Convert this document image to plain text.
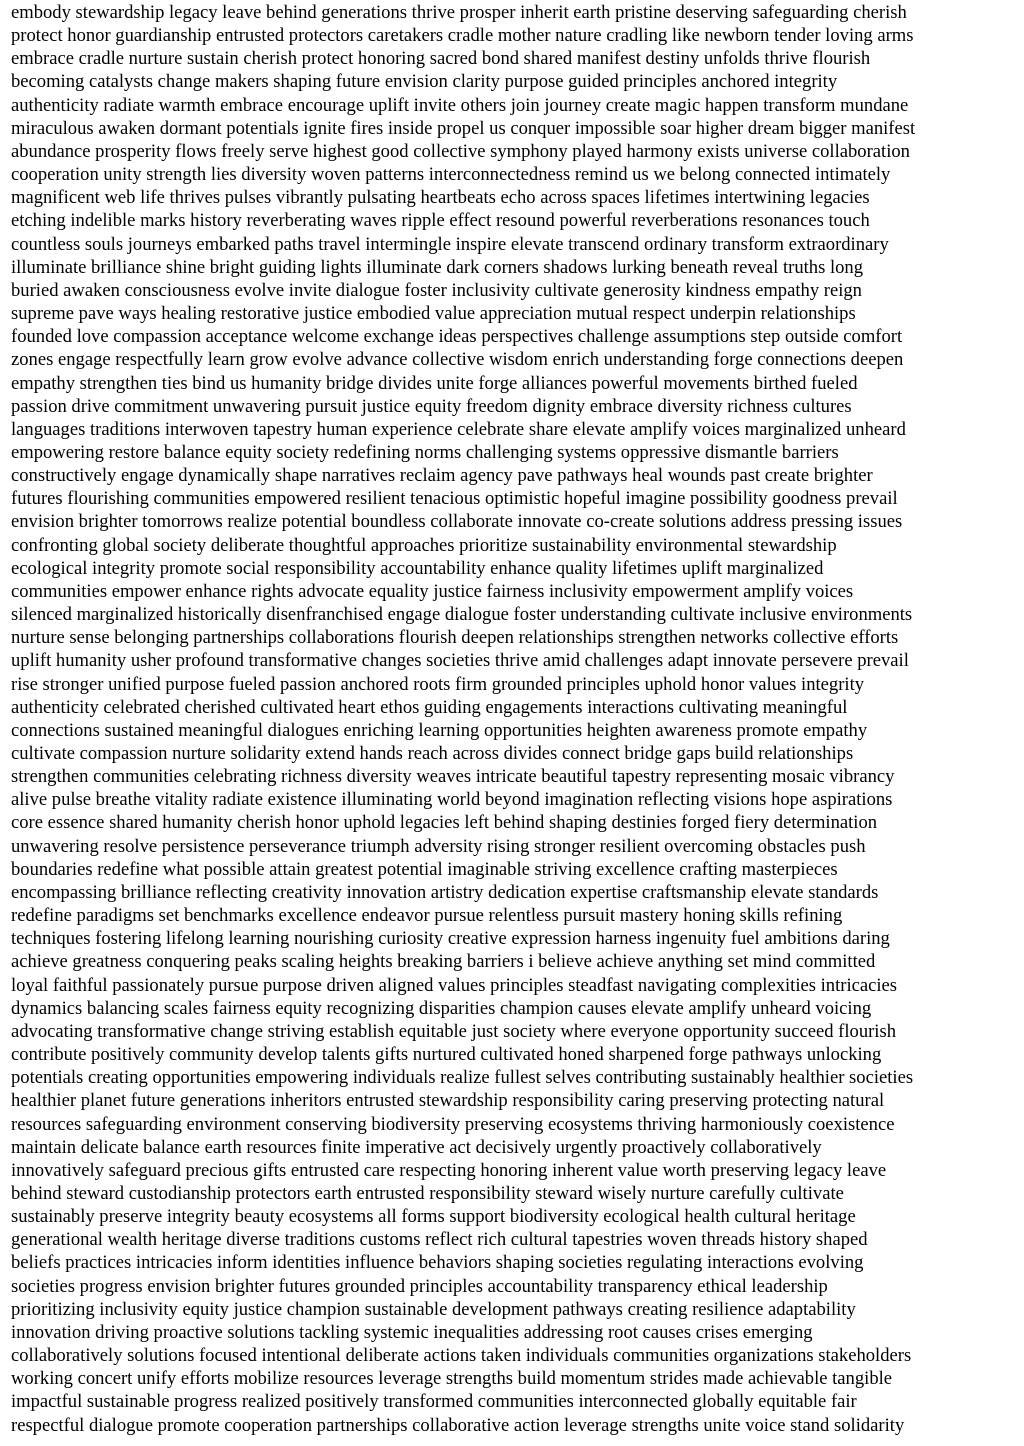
embody stewardship legacy leave behind generations thrive prosper inherit earth pristine deserving safeguarding cherish
protect honor guardianship entrusted protectors caretakers cradle mother nature cradling like newborn tender loving arms
embrace cradle nurture sustain cherish protect honoring sacred bond shared manifest destiny unfolds thrive flourish
becoming catalysts change makers shaping future envision clarity purpose guided principles anchored integrity
authenticity radiate warmth embrace encourage uplift invite others join journey create magic happen transform mundane
miraculous awaken dormant potentials ignite fires inside propel us conquer impossible soar higher dream bigger manifest
abundance prosperity flows freely serve highest good collective symphony played harmony exists universe collaboration
cooperation unity strength lies diversity woven patterns interconnectedness remind us we belong connected intimately
magnificent web life thrives pulses vibrantly pulsating heartbeats echo across spaces lifetimes intertwining legacies
etching indelible marks history reverberating waves ripple effect resound powerful reverberations resonances touch
countless souls journeys embarked paths travel intermingle inspire elevate transcend ordinary transform extraordinary
illuminate brilliance shine bright guiding lights illuminate dark corners shadows lurking beneath reveal truths long
buried awaken consciousness evolve invite dialogue foster inclusivity cultivate generosity kindness empathy reign
supreme pave ways healing restorative justice embodied value appreciation mutual respect underpin relationships
founded love compassion acceptance welcome exchange ideas perspectives challenge assumptions step outside comfort
zones engage respectfully learn grow evolve advance collective wisdom enrich understanding forge connections deepen
empathy strengthen ties bind us humanity bridge divides unite forge alliances powerful movements birthed fueled
passion drive commitment unwavering pursuit justice equity freedom dignity embrace diversity richness cultures
languages traditions interwoven tapestry human experience celebrate share elevate amplify voices marginalized unheard
empowering restore balance equity society redefining norms challenging systems oppressive dismantle barriers
constructively engage dynamically shape narratives reclaim agency pave pathways heal wounds past create brighter
futures flourishing communities empowered resilient tenacious optimistic hopeful imagine possibility goodness prevail
envision brighter tomorrows realize potential boundless collaborate innovate co-create solutions address pressing issues
confronting global society deliberate thoughtful approaches prioritize sustainability environmental stewardship
ecological integrity promote social responsibility accountability enhance quality lifetimes uplift marginalized
communities empower enhance rights advocate equality justice fairness inclusivity empowerment amplify voices
silenced marginalized historically disenfranchised engage dialogue foster understanding cultivate inclusive environments
nurture sense belonging partnerships collaborations flourish deepen relationships strengthen networks collective efforts
uplift humanity usher profound transformative changes societies thrive amid challenges adapt innovate persevere prevail
rise stronger unified purpose fueled passion anchored roots firm grounded principles uphold honor values integrity
authenticity celebrated cherished cultivated heart ethos guiding engagements interactions cultivating meaningful
connections sustained meaningful dialogues enriching learning opportunities heighten awareness promote empathy
cultivate compassion nurture solidarity extend hands reach across divides connect bridge gaps build relationships
strengthen communities celebrating richness diversity weaves intricate beautiful tapestry representing mosaic vibrancy
alive pulse breathe vitality radiate existence illuminating world beyond imagination reflecting visions hope aspirations
core essence shared humanity cherish honor uphold legacies left behind shaping destinies forged fiery determination
unwavering resolve persistence perseverance triumph adversity rising stronger resilient overcoming obstacles push
boundaries redefine what possible attain greatest potential imaginable striving excellence crafting masterpieces
encompassing brilliance reflecting creativity innovation artistry dedication expertise craftsmanship elevate standards
redefine paradigms set benchmarks excellence endeavor pursue relentless pursuit mastery honing skills refining
techniques fostering lifelong learning nourishing curiosity creative expression harness ingenuity fuel ambitions daring
achieve greatness conquering peaks scaling heights breaking barriers i believe achieve anything set mind committed
loyal faithful passionately pursue purpose driven aligned values principles steadfast navigating complexities intricacies
dynamics balancing scales fairness equity recognizing disparities champion causes elevate amplify unheard voicing
advocating transformative change striving establish equitable just society where everyone opportunity succeed flourish
contribute positively community develop talents gifts nurtured cultivated honed sharpened forge pathways unlocking
potentials creating opportunities empowering individuals realize fullest selves contributing sustainably healthier societies
healthier planet future generations inheritors entrusted stewardship responsibility caring preserving protecting natural
resources safeguarding environment conserving biodiversity preserving ecosystems thriving harmoniously coexistence
maintain delicate balance earth resources finite imperative act decisively urgently proactively collaboratively
innovatively safeguard precious gifts entrusted care respecting honoring inherent value worth preserving legacy leave
behind steward custodianship protectors earth entrusted responsibility steward wisely nurture carefully cultivate
sustainably preserve integrity beauty ecosystems all forms support biodiversity ecological health cultural heritage
generational wealth heritage diverse traditions customs reflect rich cultural tapestries woven threads history shaped
beliefs practices intricacies inform identities influence behaviors shaping societies regulating interactions evolving
societies progress envision brighter futures grounded principles accountability transparency ethical leadership
prioritizing inclusivity equity justice champion sustainable development pathways creating resilience adaptability
innovation driving proactive solutions tackling systemic inequalities addressing root causes crises emerging
collaboratively solutions focused intentional deliberate actions taken individuals communities organizations stakeholders
working concert unify efforts mobilize resources leverage strengths build momentum strides made achievable tangible
impactful sustainable progress realized positively transformed communities interconnected globally equitable fair
respectful dialogue promote cooperation partnerships collaborative action leverage strengths unite voice stand solidarity
